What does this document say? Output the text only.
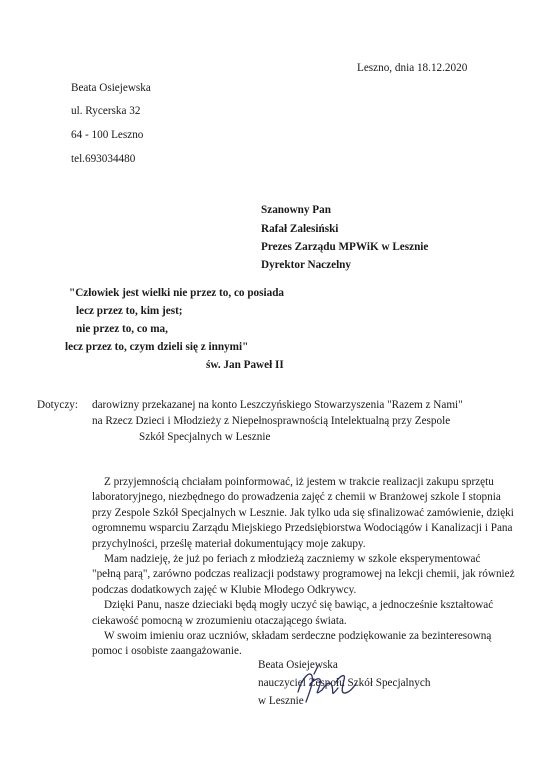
Leszno, dnia 18.12.2020
Beata Osiejewska
ul. Rycerska 32
64 - 100 Leszno
tel.693034480
Szanowny Pan
Rafał Zalesiński
Prezes Zarządu MPWiK w Lesznie
Dyrektor Naczelny
"Człowiek jest wielki nie przez to, co posiada
lecz przez to, kim jest;
nie przez to, co ma,
lecz przez to, czym dzieli się z innymi"
św. Jan Paweł II
Dotyczy: darowizny przekazanej na konto Leszczyńskiego Stowarzyszenia "Razem z Nami"
na Rzecz Dzieci i Młodzieży z Niepełnosprawnością Intelektualną przy Zespole
Szkół Specjalnych w Lesznie
Z przyjemnością chciałam poinformować, iż jestem w trakcie realizacji zakupu sprzętu
laboratoryjnego, niezbędnego do prowadzenia zajęć z chemii w Branżowej szkole I stopnia
przy Zespole Szkół Specjalnych w Lesznie. Jak tylko uda się sfinalizować zamówienie, dzięki
ogromnemu wsparciu Zarządu Miejskiego Przedsiębiorstwa Wodociągów i Kanalizacji i Pana
przychylności, prześlę materiał dokumentujący moje zakupy.
Mam nadzieję, że już po feriach z młodzieżą zaczniemy w szkole eksperymentować
"pełną parą", zarówno podczas realizacji podstawy programowej na lekcji chemii, jak również
podczas dodatkowych zajęć w Klubie Młodego Odkrywcy.
Dzięki Panu, nasze dzieciaki będą mogły uczyć się bawiąc, a jednocześnie kształtować
ciekawość pomocną w zrozumieniu otaczającego świata.
W swoim imieniu oraz uczniów, składam serdeczne podziękowanie za bezinteresowną
pomoc i osobiste zaangażowanie.
Beata Osiejewska
nauczyciel Zespołu Szkół Specjalnych
w Lesznie
